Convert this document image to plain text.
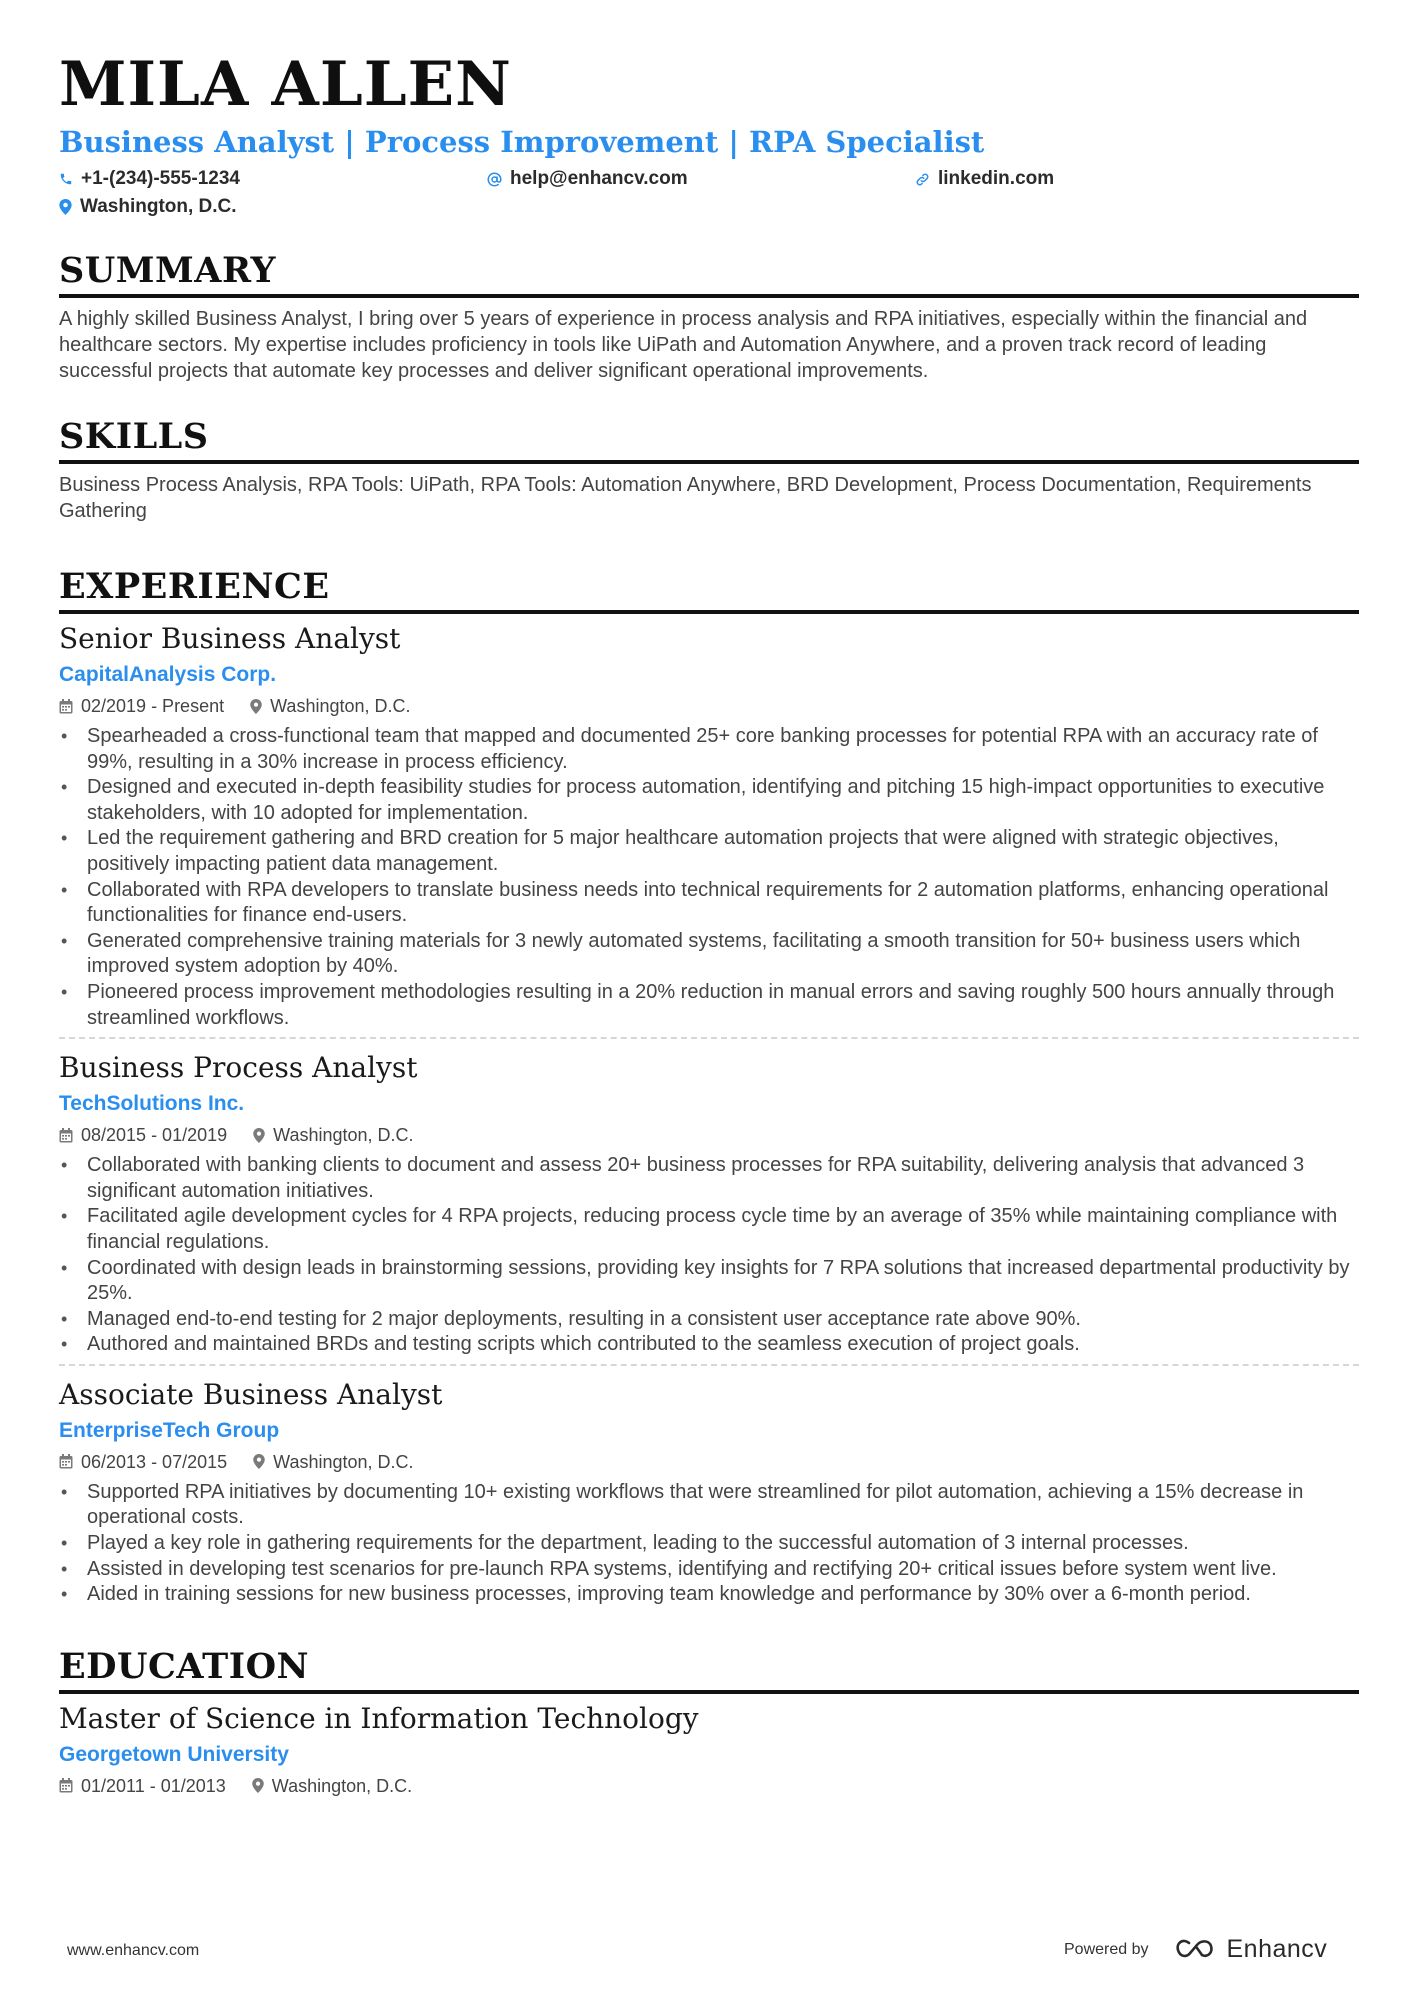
MILA ALLEN
Business Analyst | Process Improvement | RPA Specialist
+1-(234)-555-1234	help@enhancv.com	linkedin.com
Washington, D.C.
SUMMARY
A highly skilled Business Analyst, I bring over 5 years of experience in process analysis and RPA initiatives, especially within the financial and healthcare sectors. My expertise includes proficiency in tools like UiPath and Automation Anywhere, and a proven track record of leading successful projects that automate key processes and deliver significant operational improvements.
SKILLS
Business Process Analysis, RPA Tools: UiPath, RPA Tools: Automation Anywhere, BRD Development, Process Documentation, Requirements Gathering
EXPERIENCE
Senior Business Analyst
CapitalAnalysis Corp.
02/2019 - Present	Washington, D.C.
• Spearheaded a cross-functional team that mapped and documented 25+ core banking processes for potential RPA with an accuracy rate of 99%, resulting in a 30% increase in process efficiency.
• Designed and executed in-depth feasibility studies for process automation, identifying and pitching 15 high-impact opportunities to executive stakeholders, with 10 adopted for implementation.
• Led the requirement gathering and BRD creation for 5 major healthcare automation projects that were aligned with strategic objectives, positively impacting patient data management.
• Collaborated with RPA developers to translate business needs into technical requirements for 2 automation platforms, enhancing operational functionalities for finance end-users.
• Generated comprehensive training materials for 3 newly automated systems, facilitating a smooth transition for 50+ business users which improved system adoption by 40%.
• Pioneered process improvement methodologies resulting in a 20% reduction in manual errors and saving roughly 500 hours annually through streamlined workflows.
Business Process Analyst
TechSolutions Inc.
08/2015 - 01/2019	Washington, D.C.
• Collaborated with banking clients to document and assess 20+ business processes for RPA suitability, delivering analysis that advanced 3 significant automation initiatives.
• Facilitated agile development cycles for 4 RPA projects, reducing process cycle time by an average of 35% while maintaining compliance with financial regulations.
• Coordinated with design leads in brainstorming sessions, providing key insights for 7 RPA solutions that increased departmental productivity by 25%.
• Managed end-to-end testing for 2 major deployments, resulting in a consistent user acceptance rate above 90%.
• Authored and maintained BRDs and testing scripts which contributed to the seamless execution of project goals.
Associate Business Analyst
EnterpriseTech Group
06/2013 - 07/2015	Washington, D.C.
• Supported RPA initiatives by documenting 10+ existing workflows that were streamlined for pilot automation, achieving a 15% decrease in operational costs.
• Played a key role in gathering requirements for the department, leading to the successful automation of 3 internal processes.
• Assisted in developing test scenarios for pre-launch RPA systems, identifying and rectifying 20+ critical issues before system went live.
• Aided in training sessions for new business processes, improving team knowledge and performance by 30% over a 6-month period.
EDUCATION
Master of Science in Information Technology
Georgetown University
01/2011 - 01/2013	Washington, D.C.
www.enhancv.com	Powered by	Enhancv
